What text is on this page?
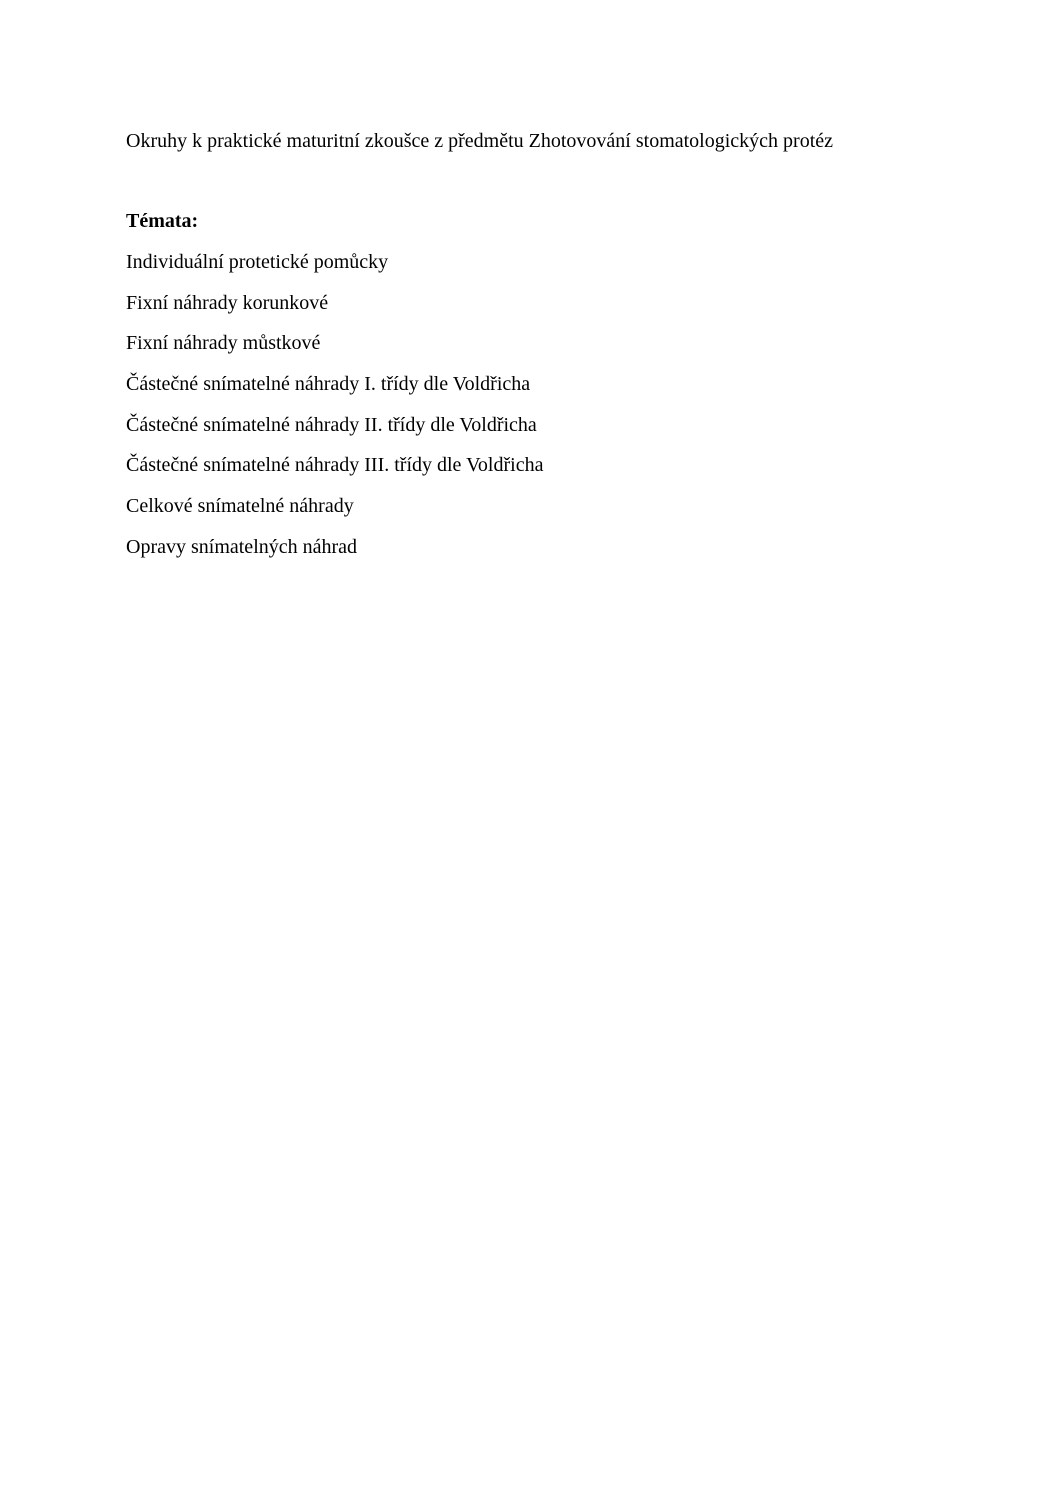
Okruhy k praktické maturitní zkoušce z předmětu Zhotovování stomatologických protéz
Témata:
Individuální protetické pomůcky
Fixní náhrady korunkové
Fixní náhrady můstkové
Částečné snímatelné náhrady I. třídy dle Voldřicha
Částečné snímatelné náhrady II. třídy dle Voldřicha
Částečné snímatelné náhrady III. třídy dle Voldřicha
Celkové snímatelné náhrady
Opravy snímatelných náhrad
